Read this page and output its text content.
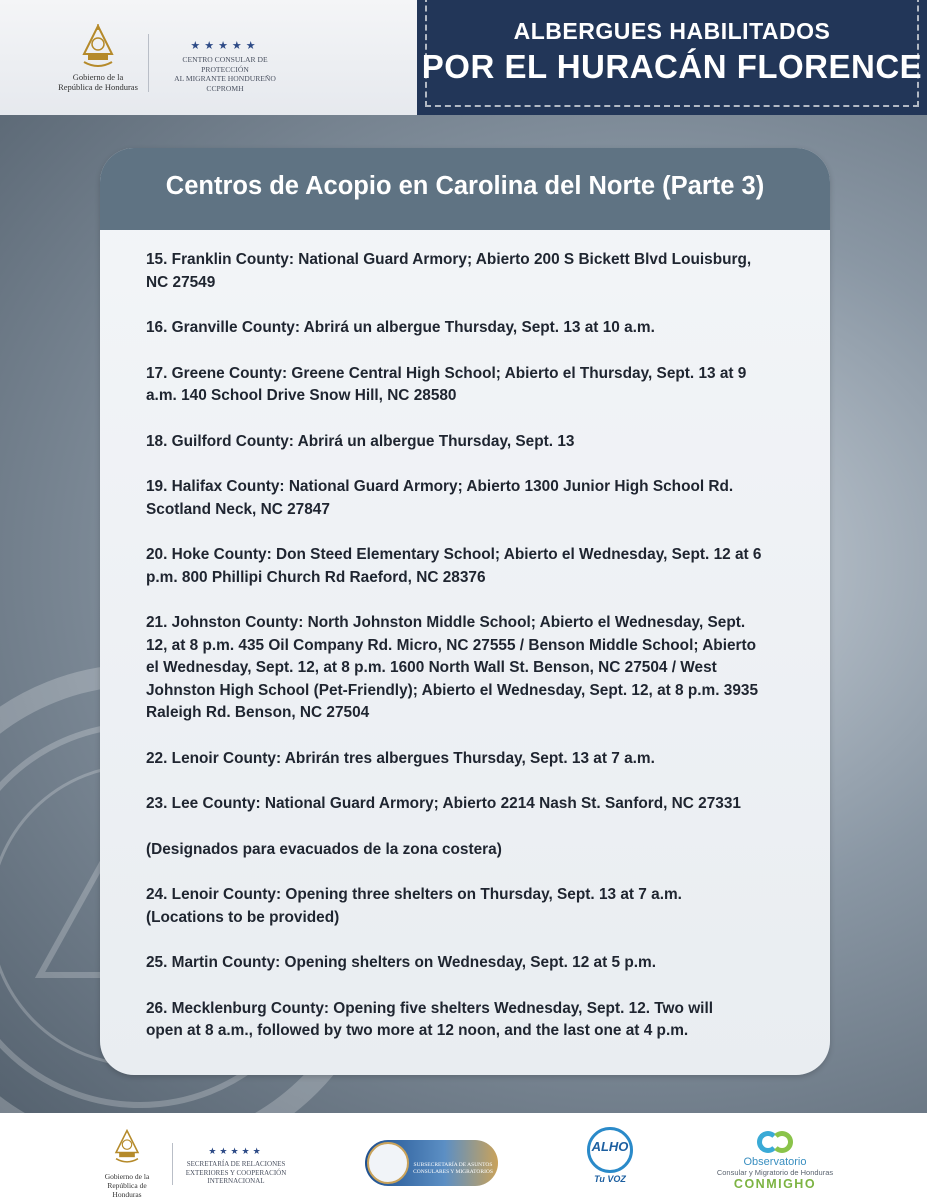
Gobierno de la
República de Honduras
★★★★★
CENTRO CONSULAR DE PROTECCIÓN
AL MIGRANTE HONDUREÑO
CCPROMH
ALBERGUES HABILITADOS
POR EL HURACÁN FLORENCE
Centros de Acopio en Carolina del Norte (Parte 3)
15. Franklin County: National Guard Armory; Abierto 200 S Bickett Blvd Louisburg,
NC 27549
16. Granville County: Abrirá un albergue Thursday, Sept. 13 at 10 a.m.
17. Greene County: Greene Central High School; Abierto el Thursday, Sept. 13 at 9
a.m. 140 School Drive Snow Hill, NC 28580
18. Guilford County: Abrirá un albergue Thursday, Sept. 13
19. Halifax County: National Guard Armory; Abierto 1300 Junior High School Rd.
Scotland Neck, NC 27847
20. Hoke County: Don Steed Elementary School; Abierto el Wednesday, Sept. 12 at 6
p.m. 800 Phillipi Church Rd Raeford, NC 28376
21. Johnston County: North Johnston Middle School; Abierto el Wednesday, Sept.
12, at 8 p.m. 435 Oil Company Rd. Micro, NC 27555 / Benson Middle School; Abierto
el Wednesday, Sept. 12, at 8 p.m. 1600 North Wall St. Benson, NC 27504 / West
Johnston High School (Pet-Friendly); Abierto el Wednesday, Sept. 12, at 8 p.m. 3935
Raleigh Rd. Benson, NC 27504
22. Lenoir County: Abrirán tres albergues Thursday, Sept. 13 at 7 a.m.
23. Lee County: National Guard Armory; Abierto 2214 Nash St. Sanford, NC 27331
(Designados para evacuados de la zona costera)
24. Lenoir County: Opening three shelters on Thursday, Sept. 13 at 7 a.m.
(Locations to be provided)
25. Martin County: Opening shelters on Wednesday, Sept. 12 at 5 p.m.
26. Mecklenburg County: Opening five shelters Wednesday, Sept. 12. Two will
open at 8 a.m., followed by two more at 12 noon, and the last one at 4 p.m.
Gobierno de la
República de Honduras
★★★★★
SECRETARÍA DE RELACIONES
EXTERIORES Y COOPERACIÓN
INTERNACIONAL
SUBSECRETARÍA DE ASUNTOS
CONSULARES Y MIGRATORIOS
ALHO
Tu VOZ
Observatorio
Consular y Migratorio de Honduras
CONMIGHO
